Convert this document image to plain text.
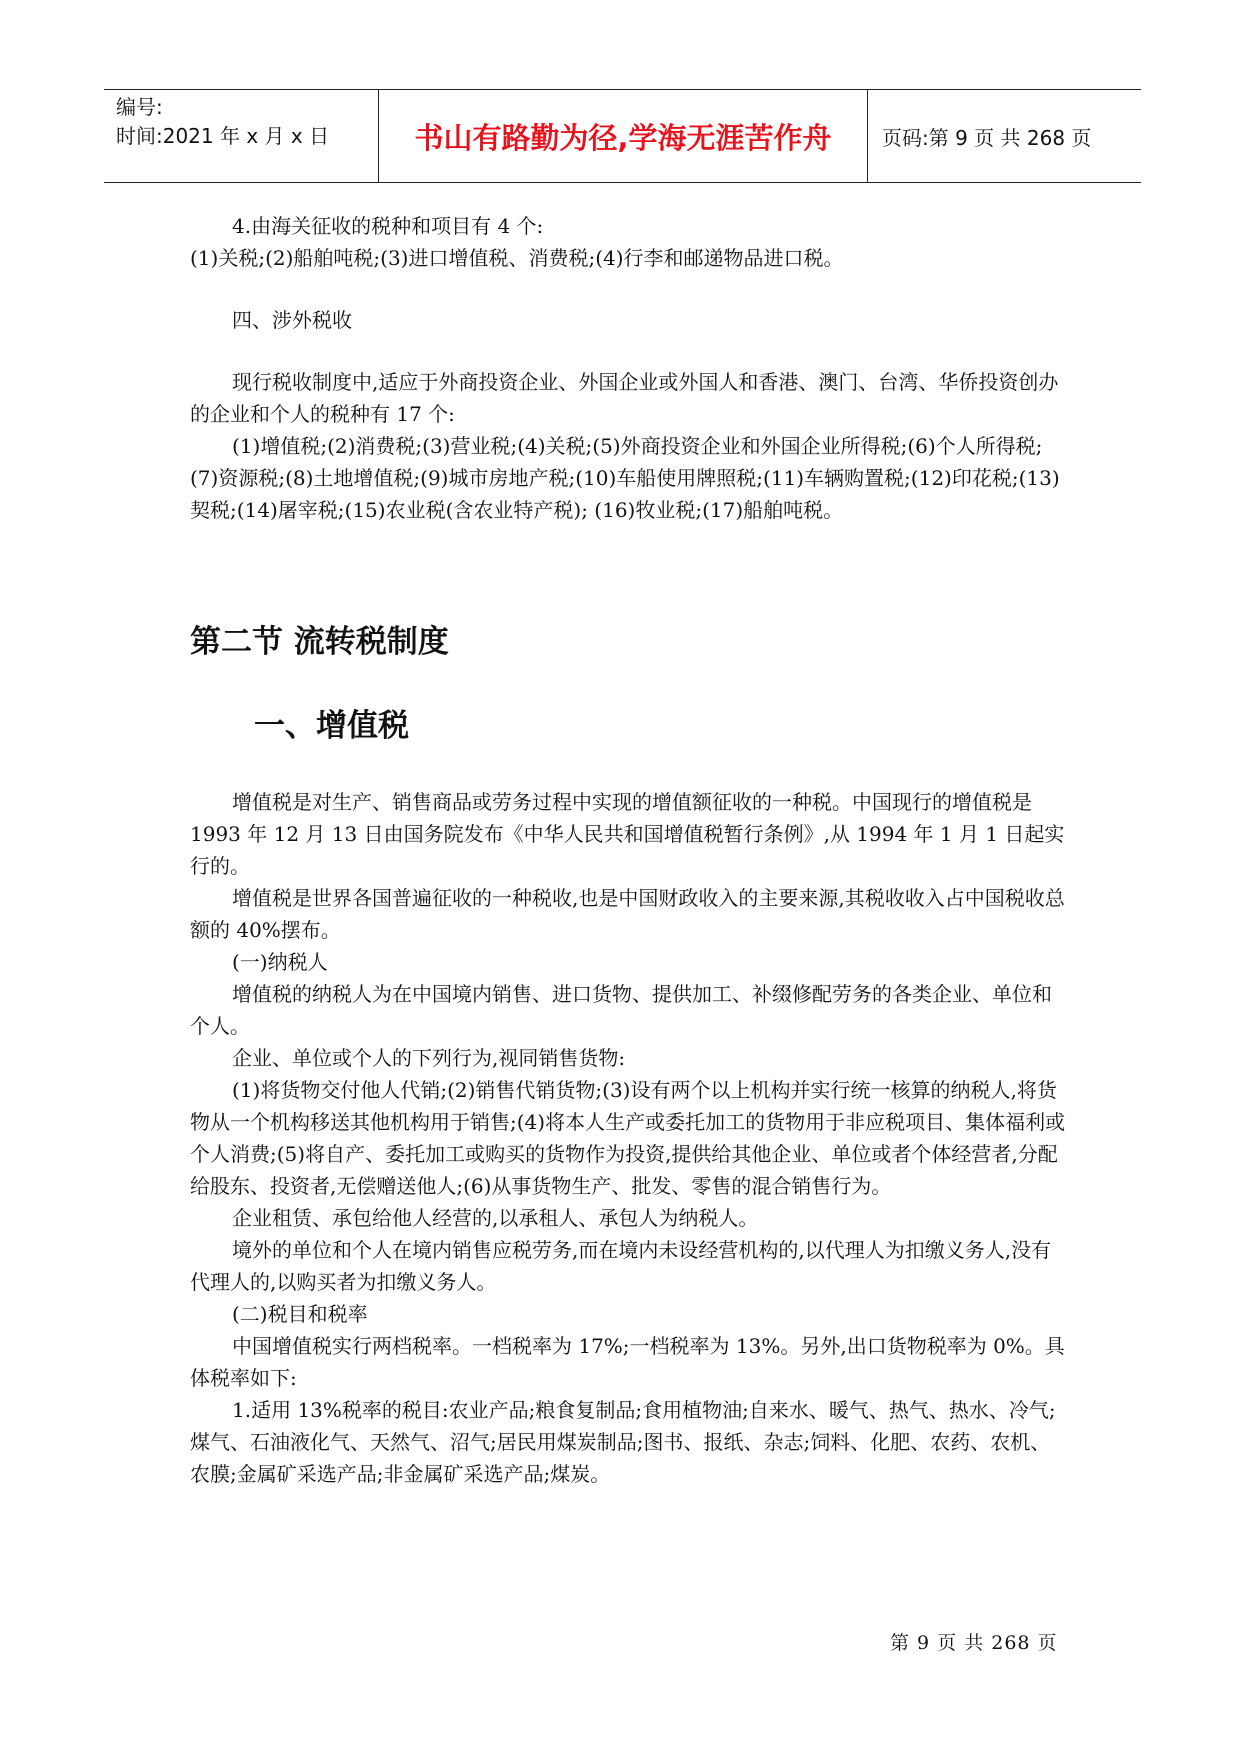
编号:
时间:2021 年 x 月 x 日	书山有路勤为径,学海无涯苦作舟	页码:第 9 页 共 268 页

4.由海关征收的税种和项目有 4 个:

(1)关税;(2)船舶吨税;(3)进口增值税、消费税;(4)行李和邮递物品进口税。

四、涉外税收

现行税收制度中,适应于外商投资企业、外国企业或外国人和香港、澳门、台湾、华侨投资创办的企业和个人的税种有 17 个:

(1)增值税;(2)消费税;(3)营业税;(4)关税;(5)外商投资企业和外国企业所得税;(6)个人所得税;(7)资源税;(8)土地增值税;(9)城市房地产税;(10)车船使用牌照税;(11)车辆购置税;(12)印花税;(13)契税;(14)屠宰税;(15)农业税(含农业特产税); (16)牧业税;(17)船舶吨税。

第二节 流转税制度
一、增值税

增值税是对生产、销售商品或劳务过程中实现的增值额征收的一种税。中国现行的增值税是 1993 年 12 月 13 日由国务院发布《中华人民共和国增值税暂行条例》,从 1994 年 1 月 1 日起实行的。

增值税是世界各国普遍征收的一种税收,也是中国财政收入的主要来源,其税收收入占中国税收总额的 40%摆布。

(一)纳税人

增值税的纳税人为在中国境内销售、进口货物、提供加工、补缀修配劳务的各类企业、单位和个人。

企业、单位或个人的下列行为,视同销售货物:

(1)将货物交付他人代销;(2)销售代销货物;(3)设有两个以上机构并实行统一核算的纳税人,将货物从一个机构移送其他机构用于销售;(4)将本人生产或委托加工的货物用于非应税项目、集体福利或个人消费;(5)将自产、委托加工或购买的货物作为投资,提供给其他企业、单位或者个体经营者,分配给股东、投资者,无偿赠送他人;(6)从事货物生产、批发、零售的混合销售行为。

企业租赁、承包给他人经营的,以承租人、承包人为纳税人。

境外的单位和个人在境内销售应税劳务,而在境内未设经营机构的,以代理人为扣缴义务人,没有代理人的,以购买者为扣缴义务人。

(二)税目和税率

中国增值税实行两档税率。一档税率为 17%;一档税率为 13%。另外,出口货物税率为 0%。具体税率如下:

1.适用 13%税率的税目:农业产品;粮食复制品;食用植物油;自来水、暖气、热气、热水、冷气;煤气、石油液化气、天然气、沼气;居民用煤炭制品;图书、报纸、杂志;饲料、化肥、农药、农机、农膜;金属矿采选产品;非金属矿采选产品;煤炭。

第 9 页 共 268 页
